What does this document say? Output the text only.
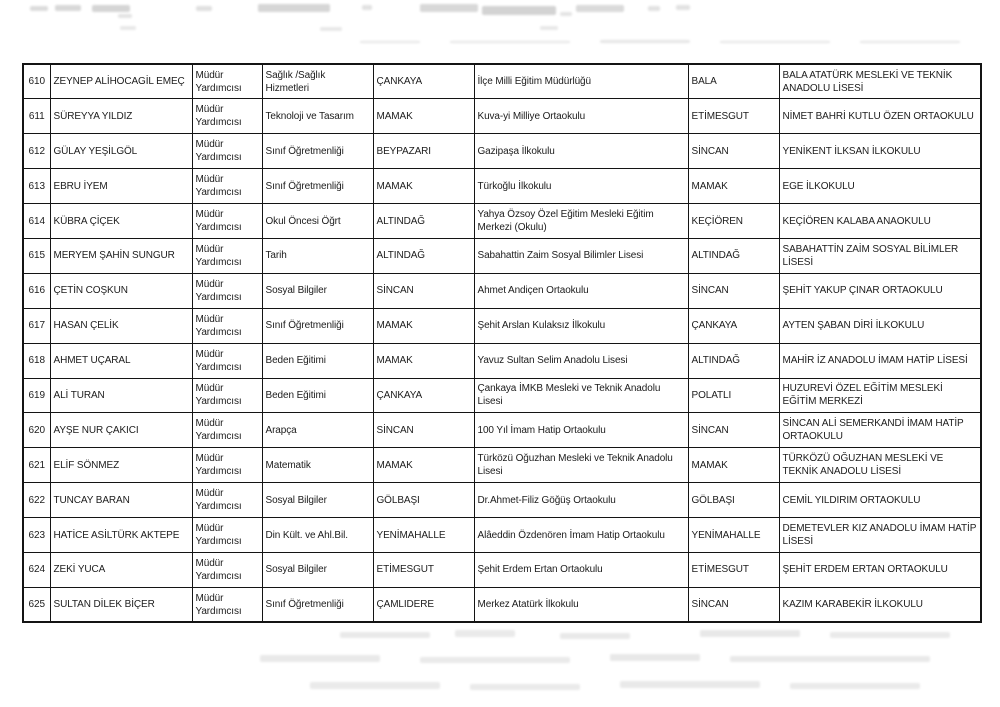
610	ZEYNEP ALİHOCAGİL EMEÇ	Müdür Yardımcısı	Sağlık /Sağlık Hizmetleri	ÇANKAYA	İlçe Milli Eğitim Müdürlüğü	BALA	BALA ATATÜRK MESLEKİ VE TEKNİK ANADOLU LİSESİ
611	SÜREYYA YILDIZ	Müdür Yardımcısı	Teknoloji ve Tasarım	MAMAK	Kuva-yi Milliye Ortaokulu	ETİMESGUT	NİMET BAHRİ KUTLU ÖZEN ORTAOKULU
612	GÜLAY YEŞİLGÖL	Müdür Yardımcısı	Sınıf Öğretmenliği	BEYPAZARI	Gazipaşa İlkokulu	SİNCAN	YENİKENT İLKSAN İLKOKULU
613	EBRU İYEM	Müdür Yardımcısı	Sınıf Öğretmenliği	MAMAK	Türkoğlu İlkokulu	MAMAK	EGE İLKOKULU
614	KÜBRA ÇİÇEK	Müdür Yardımcısı	Okul Öncesi Öğrt	ALTINDAĞ	Yahya Özsoy Özel Eğitim Mesleki Eğitim Merkezi (Okulu)	KEÇİÖREN	KEÇİÖREN KALABA ANAOKULU
615	MERYEM ŞAHİN SUNGUR	Müdür Yardımcısı	Tarih	ALTINDAĞ	Sabahattin Zaim Sosyal Bilimler Lisesi	ALTINDAĞ	SABAHATTİN ZAİM SOSYAL BİLİMLER LİSESİ
616	ÇETİN COŞKUN	Müdür Yardımcısı	Sosyal Bilgiler	SİNCAN	Ahmet Andiçen Ortaokulu	SİNCAN	ŞEHİT YAKUP ÇINAR ORTAOKULU
617	HASAN ÇELİK	Müdür Yardımcısı	Sınıf Öğretmenliği	MAMAK	Şehit Arslan Kulaksız İlkokulu	ÇANKAYA	AYTEN ŞABAN DİRİ İLKOKULU
618	AHMET UÇARAL	Müdür Yardımcısı	Beden Eğitimi	MAMAK	Yavuz Sultan Selim Anadolu Lisesi	ALTINDAĞ	MAHİR İZ ANADOLU İMAM HATİP LİSESİ
619	ALİ TURAN	Müdür Yardımcısı	Beden Eğitimi	ÇANKAYA	Çankaya İMKB Mesleki ve Teknik Anadolu Lisesi	POLATLI	HUZUREVİ ÖZEL EĞİTİM MESLEKİ EĞİTİM MERKEZİ
620	AYŞE NUR ÇAKICI	Müdür Yardımcısı	Arapça	SİNCAN	100 Yıl İmam Hatip Ortaokulu	SİNCAN	SİNCAN ALİ SEMERKANDİ İMAM HATİP ORTAOKULU
621	ELİF SÖNMEZ	Müdür Yardımcısı	Matematik	MAMAK	Türközü Oğuzhan Mesleki ve Teknik Anadolu Lisesi	MAMAK	TÜRKÖZÜ OĞUZHAN MESLEKİ VE TEKNİK ANADOLU LİSESİ
622	TUNCAY BARAN	Müdür Yardımcısı	Sosyal Bilgiler	GÖLBAŞI	Dr.Ahmet-Filiz Göğüş Ortaokulu	GÖLBAŞI	CEMİL YILDIRIM ORTAOKULU
623	HATİCE ASİLTÜRK AKTEPE	Müdür Yardımcısı	Din Kült. ve Ahl.Bil.	YENİMAHALLE	Alâeddin Özdenören İmam Hatip Ortaokulu	YENİMAHALLE	DEMETEVLER KIZ ANADOLU İMAM HATİP LİSESİ
624	ZEKİ YUCA	Müdür Yardımcısı	Sosyal Bilgiler	ETİMESGUT	Şehit Erdem Ertan Ortaokulu	ETİMESGUT	ŞEHİT ERDEM ERTAN ORTAOKULU
625	SULTAN DİLEK BİÇER	Müdür Yardımcısı	Sınıf Öğretmenliği	ÇAMLIDERE	Merkez Atatürk İlkokulu	SİNCAN	KAZIM KARABEKİR İLKOKULU
